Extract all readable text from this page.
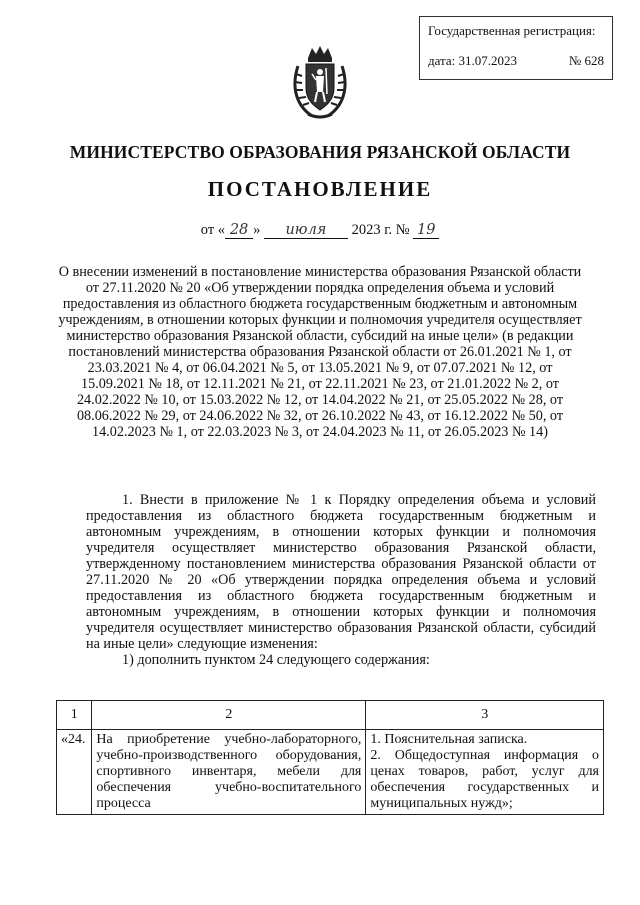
Государственная регистрация:
дата: 31.07.2023	№ 628
МИНИСТЕРСТВО ОБРАЗОВАНИЯ РЯЗАНСКОЙ ОБЛАСТИ
ПОСТАНОВЛЕНИЕ
от « 28 » июля 2023 г. № 19
О внесении изменений в постановление министерства образования Рязанской области от 27.11.2020 № 20 «Об утверждении порядка определения объема и условий предоставления из областного бюджета государственным бюджетным и автономным учреждениям, в отношении которых функции и полномочия учредителя осуществляет министерство образования Рязанской области, субсидий на иные цели» (в редакции постановлений министерства образования Рязанской области от 26.01.2021 № 1, от 23.03.2021 № 4, от 06.04.2021 № 5, от 13.05.2021 № 9, от 07.07.2021 № 12, от 15.09.2021 № 18, от 12.11.2021 № 21, от 22.11.2021 № 23, от 21.01.2022 № 2, от 24.02.2022 № 10, от 15.03.2022 № 12, от 14.04.2022 № 21, от 25.05.2022 № 28, от 08.06.2022 № 29, от 24.06.2022 № 32, от 26.10.2022 № 43, от 16.12.2022 № 50, от 14.02.2023 № 1, от 22.03.2023 № 3, от 24.04.2023 № 11, от 26.05.2023 № 14)

1. Внести в приложение № 1 к Порядку определения объема и условий предоставления из областного бюджета государственным бюджетным и автономным учреждениям, в отношении которых функции и полномочия учредителя осуществляет министерство образования Рязанской области, утвержденному постановлением министерства образования Рязанской области от 27.11.2020 № 20 «Об утверждении порядка определения объема и условий предоставления из областного бюджета государственным бюджетным и автономным учреждениям, в отношении которых функции и полномочия учредителя осуществляет министерство образования Рязанской области, субсидий на иные цели» следующие изменения:

1) дополнить пунктом 24 следующего содержания:

1	2	3
«24.	На приобретение учебно-лабораторного, учебно-производственного оборудования, спортивного инвентаря, мебели для обеспечения учебно-воспитательного процесса	1. Пояснительная записка.
2. Общедоступная информация о ценах товаров, работ, услуг для обеспечения государственных и муниципальных нужд»;
